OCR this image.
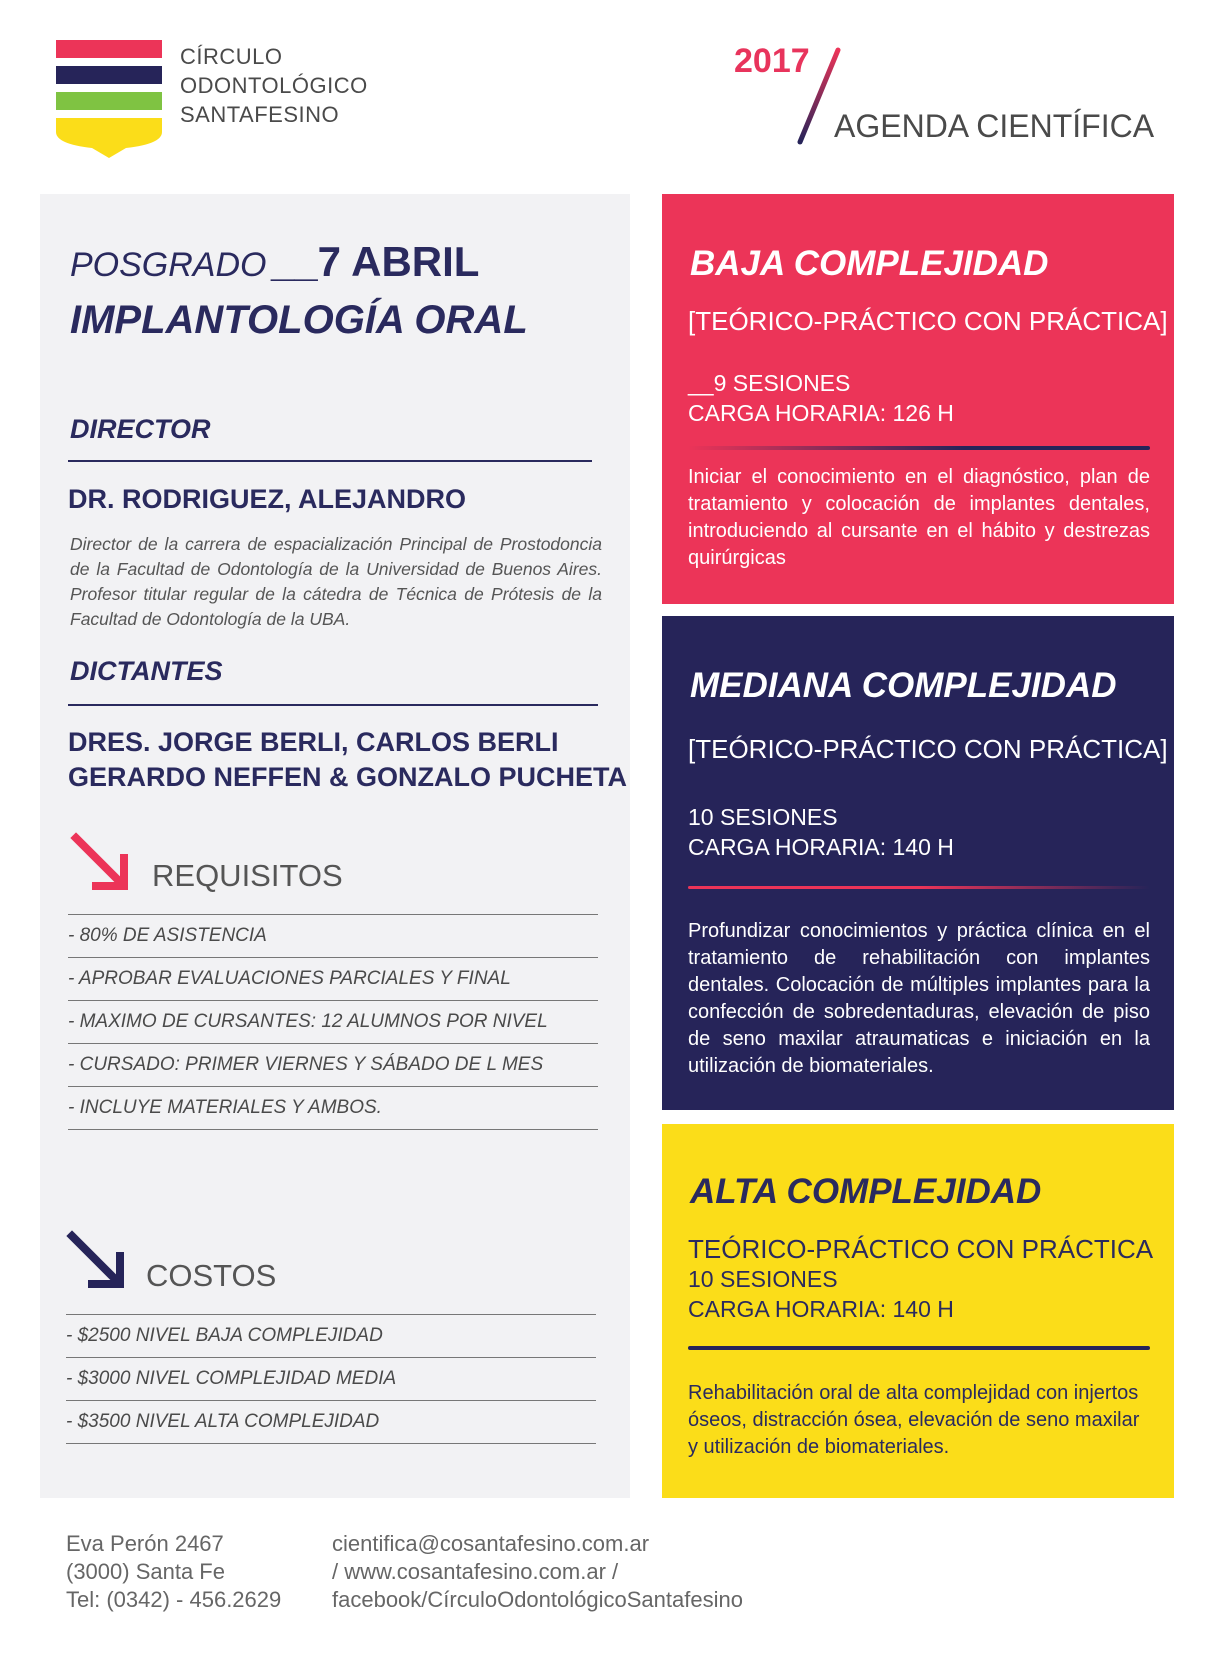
CÍRCULO
ODONTOLÓGICO
SANTAFESINO
2017
AGENDA CIENTÍFICA
POSGRADO __7 ABRIL
IMPLANTOLOGÍA ORAL
DIRECTOR
DR. RODRIGUEZ, ALEJANDRO
Director de la carrera de espacialización Principal de Prostodoncia de la Facultad de Odontología de la Universidad de Buenos Aires. Profesor titular regular de la cátedra de Técnica de Prótesis de la Facultad de Odontología de la UBA.
DICTANTES
DRES. JORGE BERLI, CARLOS BERLI
GERARDO NEFFEN & GONZALO PUCHETA
REQUISITOS
- 80% DE ASISTENCIA
- APROBAR EVALUACIONES PARCIALES Y FINAL
- MAXIMO DE CURSANTES: 12 ALUMNOS POR NIVEL
- CURSADO: PRIMER VIERNES Y SÁBADO DE L MES
- INCLUYE MATERIALES Y AMBOS.
COSTOS
- $2500 NIVEL BAJA COMPLEJIDAD
- $3000 NIVEL COMPLEJIDAD MEDIA
- $3500 NIVEL ALTA COMPLEJIDAD
BAJA COMPLEJIDAD
[TEÓRICO-PRÁCTICO CON PRÁCTICA]
__9 SESIONES
CARGA HORARIA: 126 H
Iniciar el conocimiento en el diagnóstico, plan de tratamiento y colocación de implantes dentales, introduciendo al cursante en el hábito y destrezas quirúrgicas
MEDIANA COMPLEJIDAD
[TEÓRICO-PRÁCTICO CON PRÁCTICA]
10 SESIONES
CARGA HORARIA: 140 H
Profundizar conocimientos y práctica clínica en el tratamiento de rehabilitación con implantes dentales. Colocación de múltiples implantes para la confección de sobredentaduras, elevación de piso de seno maxilar atraumaticas e iniciación en la utilización de biomateriales.
ALTA COMPLEJIDAD
TEÓRICO-PRÁCTICO CON PRÁCTICA
10 SESIONES
CARGA HORARIA: 140 H
Rehabilitación oral de alta complejidad con injertos óseos, distracción ósea, elevación de seno maxilar y utilización de biomateriales.
Eva Perón 2467
(3000) Santa Fe
Tel: (0342) - 456.2629
cientifica@cosantafesino.com.ar
/ www.cosantafesino.com.ar /
facebook/CírculoOdontológicoSantafesino
